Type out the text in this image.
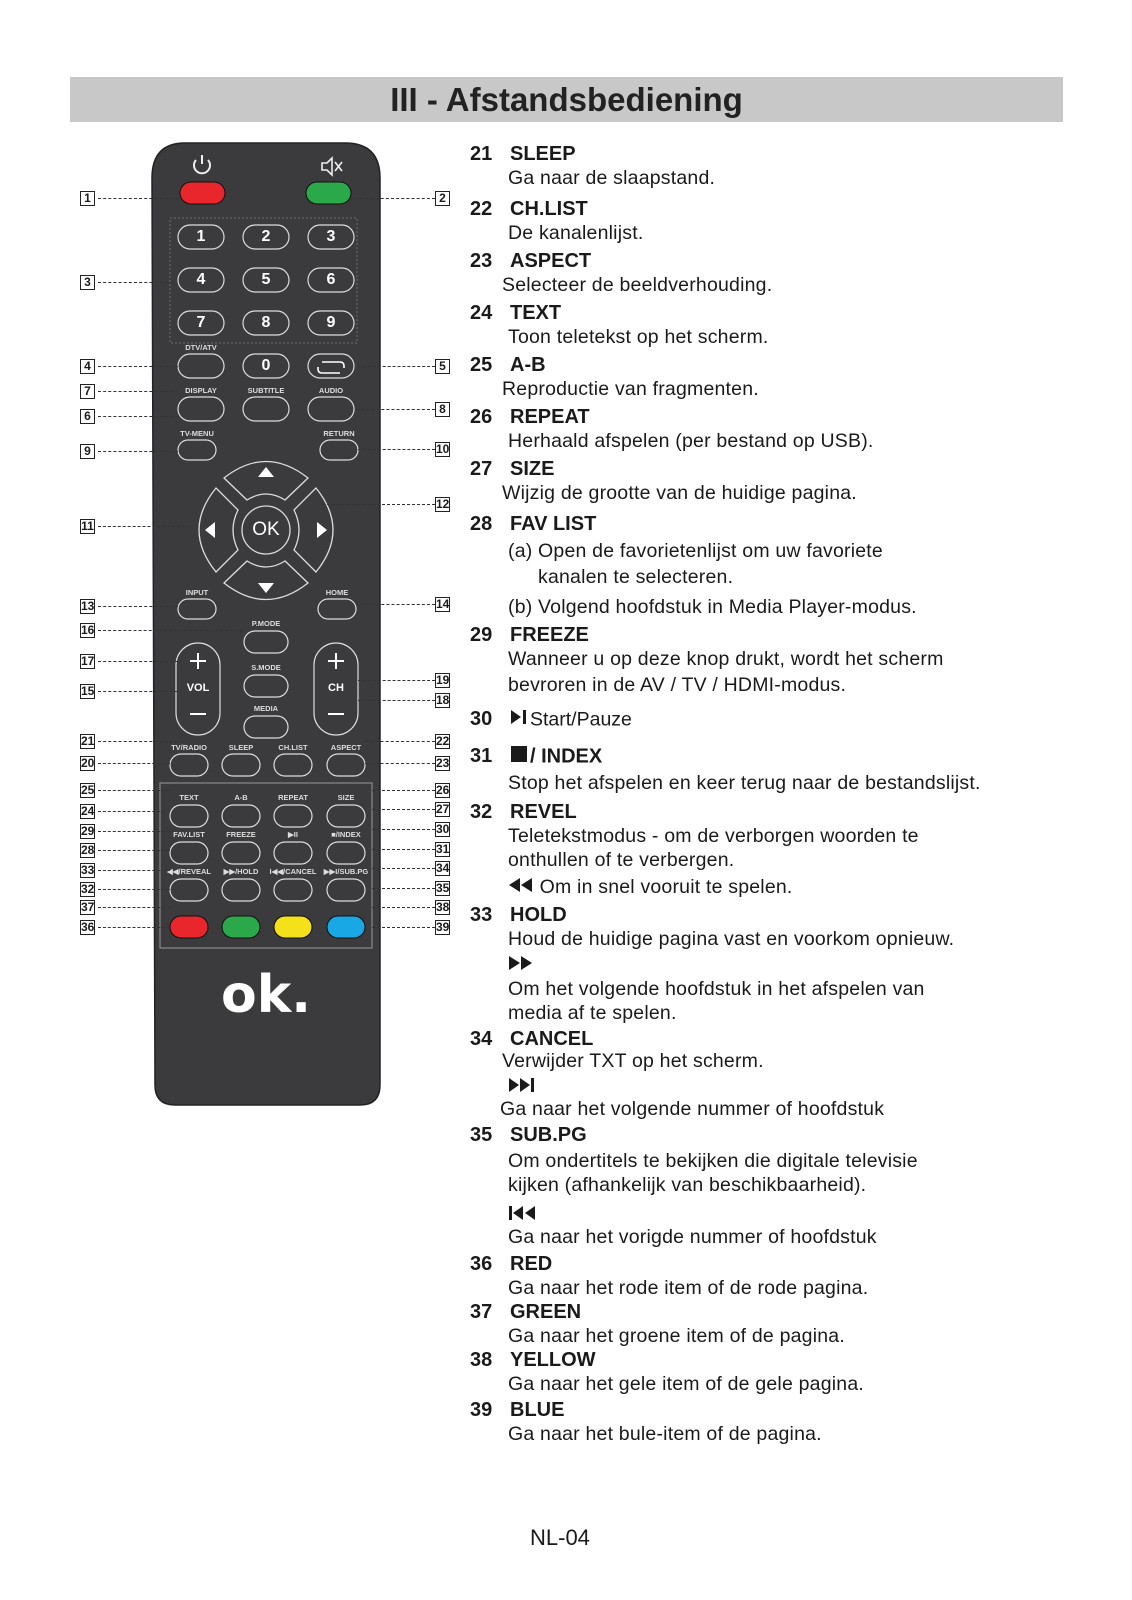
III - Afstandsbediening
1	2	3
4	5	6
7	8	9
0
OK
VOL	CH
ok.
DTV/ATV
DISPLAY	SUBTITLE	AUDIO
TV-MENU	RETURN
INPUT	HOME
P.MODE
S.MODE
MEDIA
TV/RADIO	SLEEP	CH.LIST	ASPECT
TEXT	A-B	REPEAT	SIZE
FAV.LIST	FREEZE	▶II	■/INDEX
◀◀/REVEAL ▶▶/HOLD I◀◀/CANCEL ▶▶I/SUB.PG
1
3
4
7
6
9
11
13
16
17
15
21
20
25
24
29
28
33
32
37
36
2
5
8
10
12
14
19
18
22
23
26
27
30
31
34
35
38
39
21 SLEEP
Ga naar de slaapstand.
22 CH.LIST
De kanalenlijst.
23 ASPECT
Selecteer de beeldverhouding.
24 TEXT
Toon teletekst op het scherm.
25 A-B
Reproductie van fragmenten.
26 REPEAT
Herhaald afspelen (per bestand op USB).
27 SIZE
Wijzig de grootte van de huidige pagina.
28 FAV LIST
(a) Open de favorietenlijst om uw favoriete
kanalen te selecteren.
(b) Volgend hoofdstuk in Media Player-modus.
29 FREEZE
Wanneer u op deze knop drukt, wordt het scherm
bevroren in de AV / TV / HDMI-modus.
30 Start/Pauze
31 / INDEX
Stop het afspelen en keer terug naar de bestandslijst.
32 REVEL
Teletekstmodus - om de verborgen woorden te
onthullen of te verbergen.
Om in snel vooruit te spelen.
33 HOLD
Houd de huidige pagina vast en voorkom opnieuw.
Om het volgende hoofdstuk in het afspelen van
media af te spelen.
34 CANCEL
Verwijder TXT op het scherm.
Ga naar het volgende nummer of hoofdstuk
35 SUB.PG
Om ondertitels te bekijken die digitale televisie
kijken (afhankelijk van beschikbaarheid).
Ga naar het vorigde nummer of hoofdstuk
36 RED
Ga naar het rode item of de rode pagina.
37 GREEN
Ga naar het groene item of de pagina.
38 YELLOW
Ga naar het gele item of de gele pagina.
39 BLUE
Ga naar het bule-item of de pagina.
NL-04
